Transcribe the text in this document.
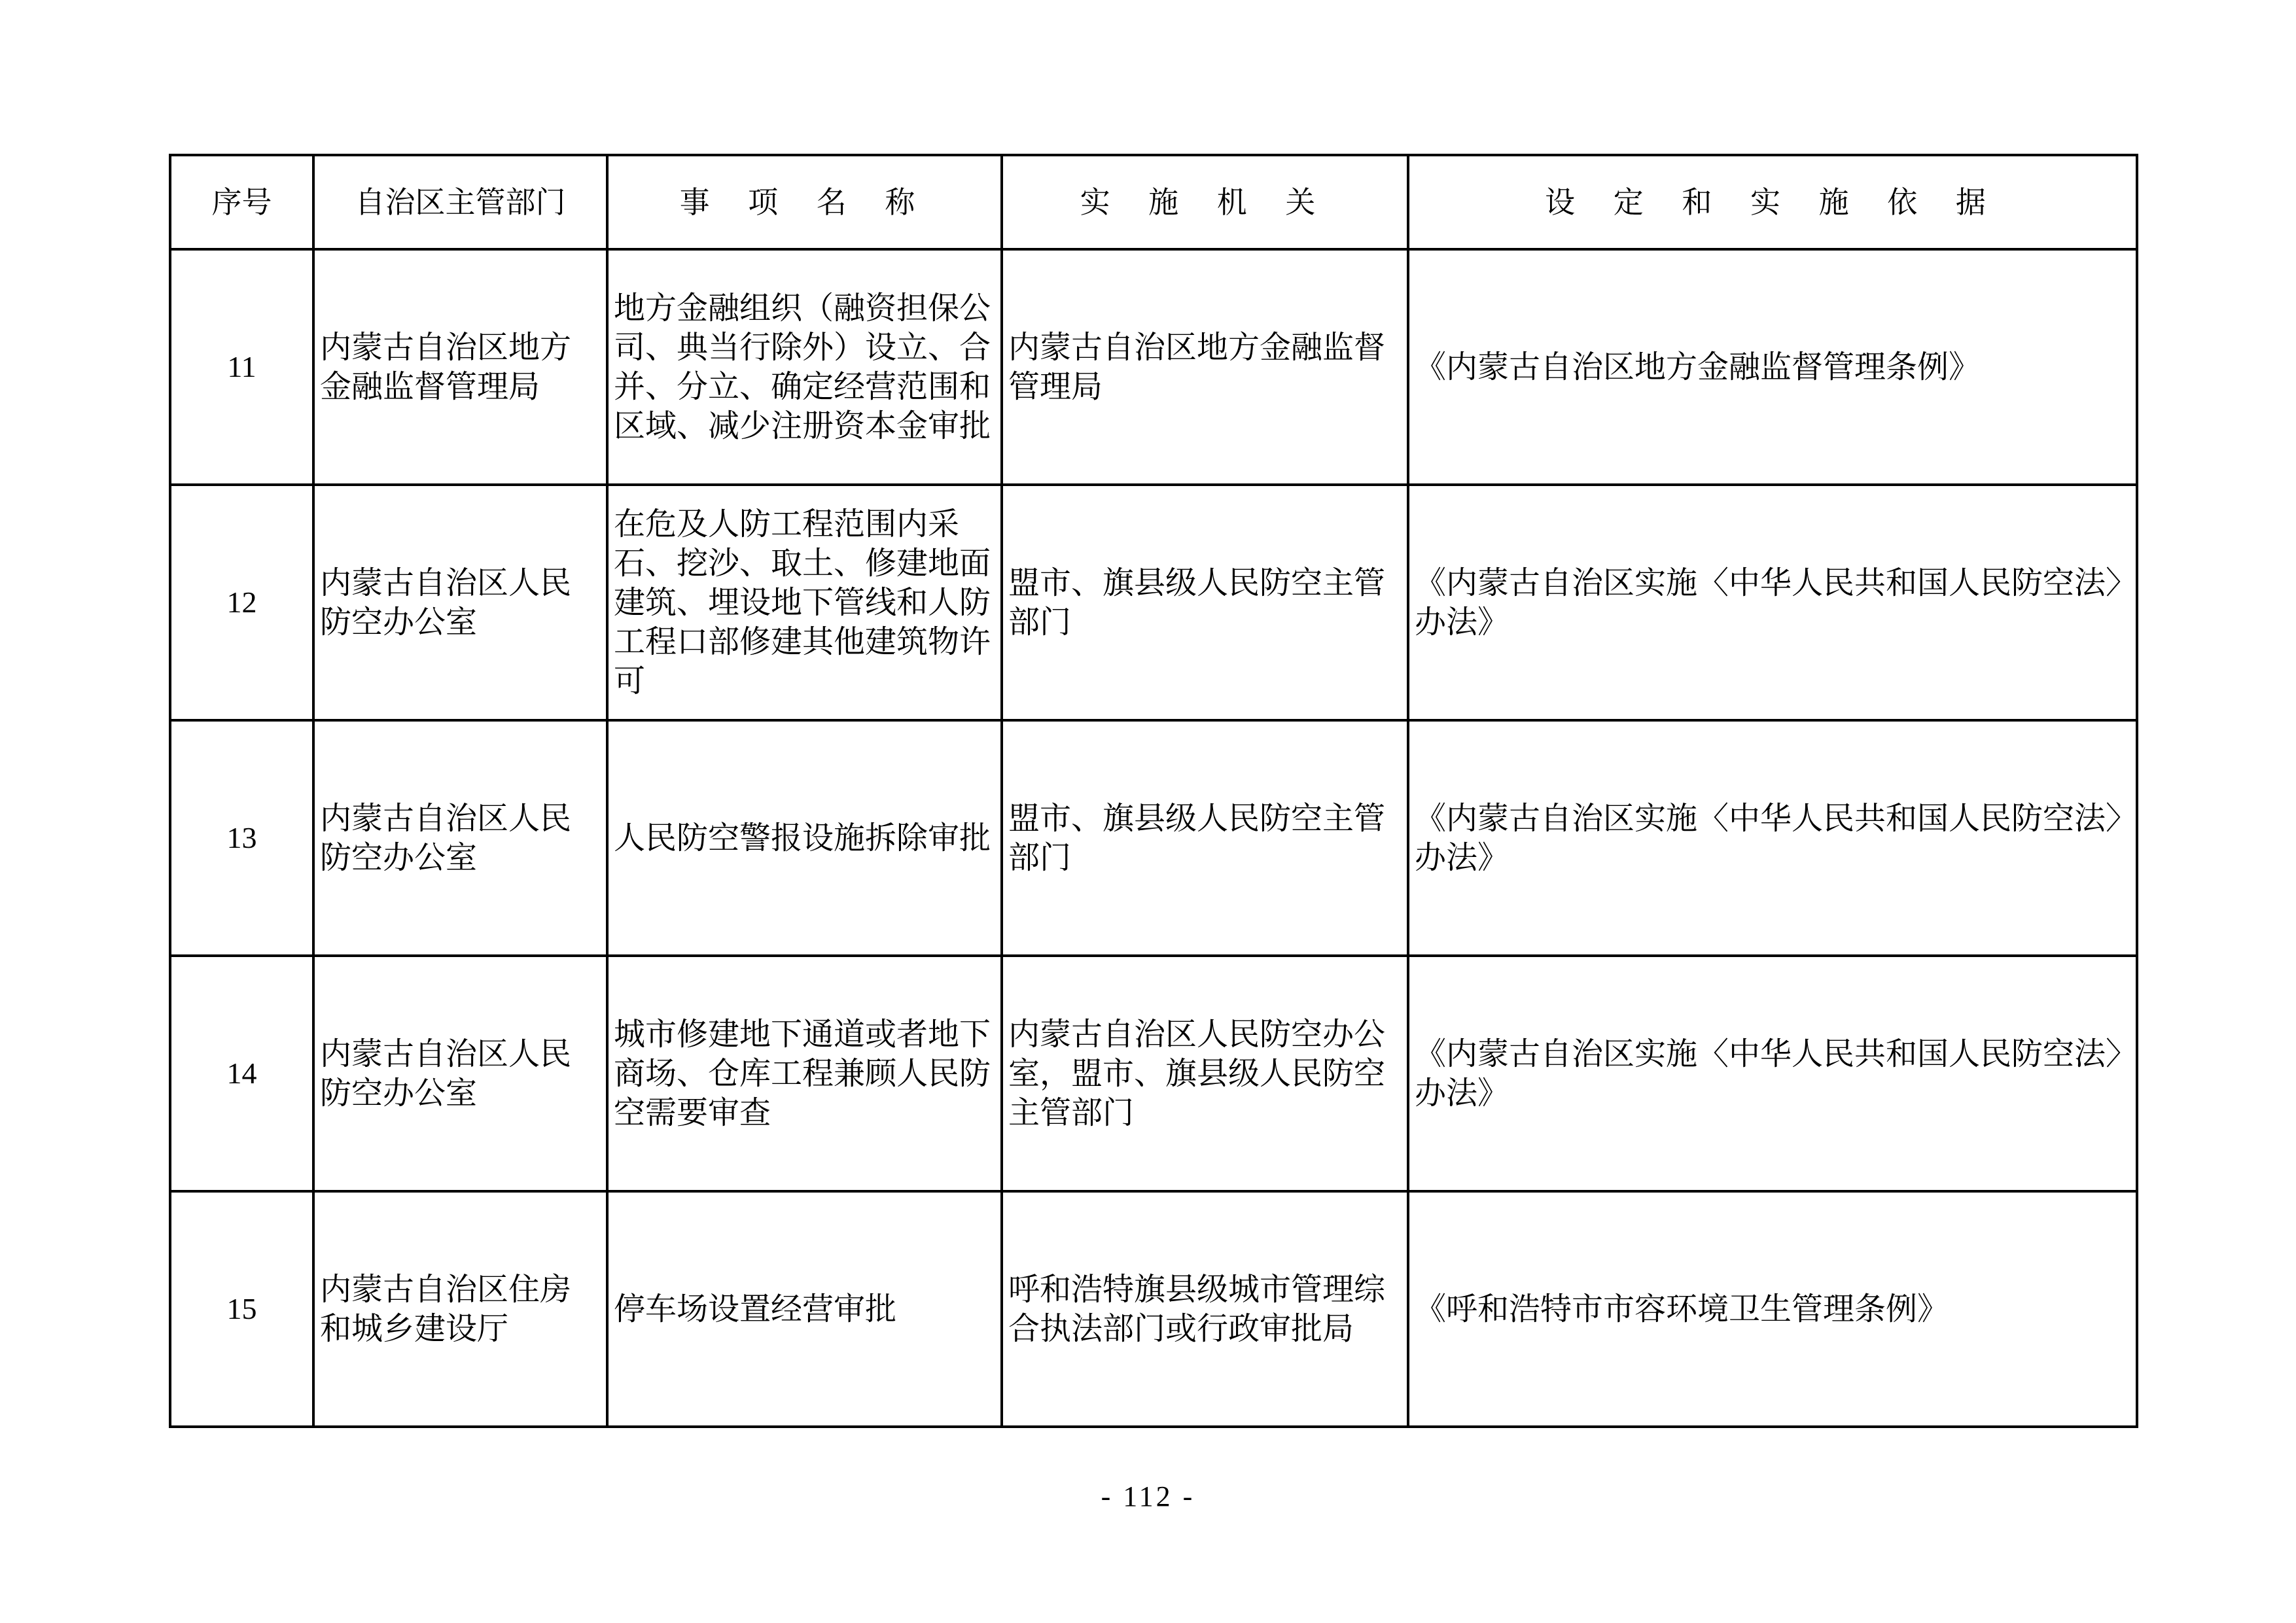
序号	自治区主管部门	事 项 名 称	实 施 机 关	设 定 和 实 施 依 据
11	内蒙古自治区地方金融监督管理局	地方金融组织（融资担保公司、典当行除外）设立、合并、分立、确定经营范围和区域、减少注册资本金审批	内蒙古自治区地方金融监督管理局	《内蒙古自治区地方金融监督管理条例》
12	内蒙古自治区人民防空办公室	在危及人防工程范围内采石、挖沙、取土、修建地面建筑、埋设地下管线和人防工程口部修建其他建筑物许可	盟市、旗县级人民防空主管部门	《内蒙古自治区实施〈中华人民共和国人民防空法〉办法》
13	内蒙古自治区人民防空办公室	人民防空警报设施拆除审批	盟市、旗县级人民防空主管部门	《内蒙古自治区实施〈中华人民共和国人民防空法〉办法》
14	内蒙古自治区人民防空办公室	城市修建地下通道或者地下商场、仓库工程兼顾人民防空需要审查	内蒙古自治区人民防空办公室，盟市、旗县级人民防空主管部门	《内蒙古自治区实施〈中华人民共和国人民防空法〉办法》
15	内蒙古自治区住房和城乡建设厅	停车场设置经营审批	呼和浩特旗县级城市管理综合执法部门或行政审批局	《呼和浩特市市容环境卫生管理条例》
- 112 -
